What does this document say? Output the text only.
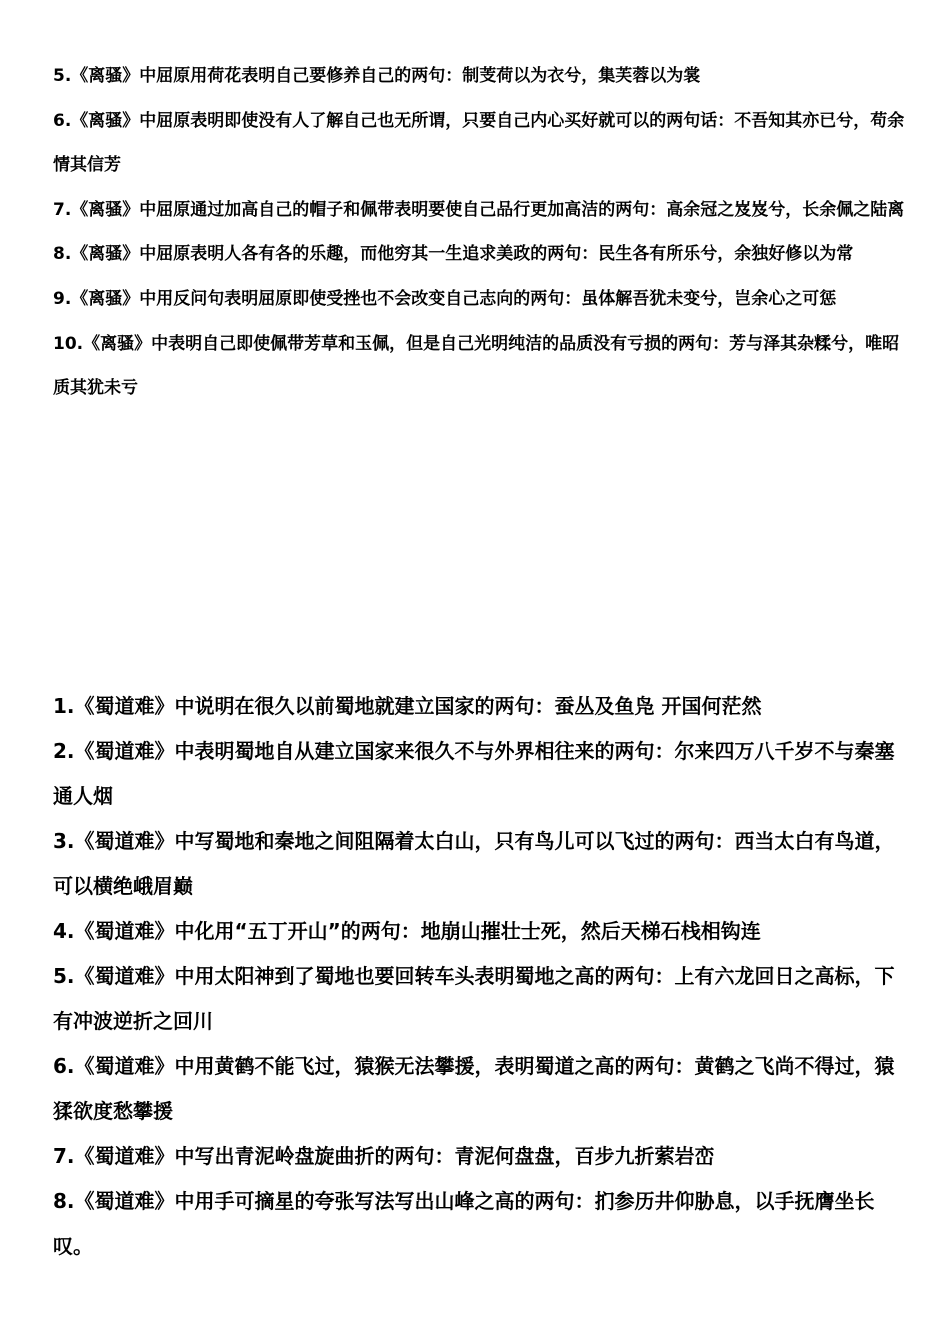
5.《离骚》中屈原用荷花表明自己要修养自己的两句：制芰荷以为衣兮，集芙蓉以为裳

6.《离骚》中屈原表明即使没有人了解自己也无所谓，只要自己内心买好就可以的两句话：不吾知其亦已兮，苟余情其信芳

7.《离骚》中屈原通过加高自己的帽子和佩带表明要使自己品行更加高洁的两句：高余冠之岌岌兮，长余佩之陆离

8.《离骚》中屈原表明人各有各的乐趣，而他穷其一生追求美政的两句：民生各有所乐兮，余独好修以为常

9.《离骚》中用反问句表明屈原即使受挫也不会改变自己志向的两句：虽体解吾犹未变兮，岂余心之可惩

10.《离骚》中表明自己即使佩带芳草和玉佩，但是自己光明纯洁的品质没有亏损的两句：芳与泽其杂糅兮，唯昭质其犹未亏

1.《蜀道难》中说明在很久以前蜀地就建立国家的两句：蚕丛及鱼凫 开国何茫然

2.《蜀道难》中表明蜀地自从建立国家来很久不与外界相往来的两句：尔来四万八千岁不与秦塞通人烟

3.《蜀道难》中写蜀地和秦地之间阻隔着太白山，只有鸟儿可以飞过的两句：西当太白有鸟道，可以横绝峨眉巅

4.《蜀道难》中化用“五丁开山”的两句：地崩山摧壮士死，然后天梯石栈相钩连

5.《蜀道难》中用太阳神到了蜀地也要回转车头表明蜀地之高的两句：上有六龙回日之高标，下有冲波逆折之回川

6.《蜀道难》中用黄鹤不能飞过，猿猴无法攀援，表明蜀道之高的两句：黄鹤之飞尚不得过，猿猱欲度愁攀援

7.《蜀道难》中写出青泥岭盘旋曲折的两句：青泥何盘盘，百步九折萦岩峦

8.《蜀道难》中用手可摘星的夸张写法写出山峰之高的两句：扪参历井仰胁息，以手抚膺坐长叹。
